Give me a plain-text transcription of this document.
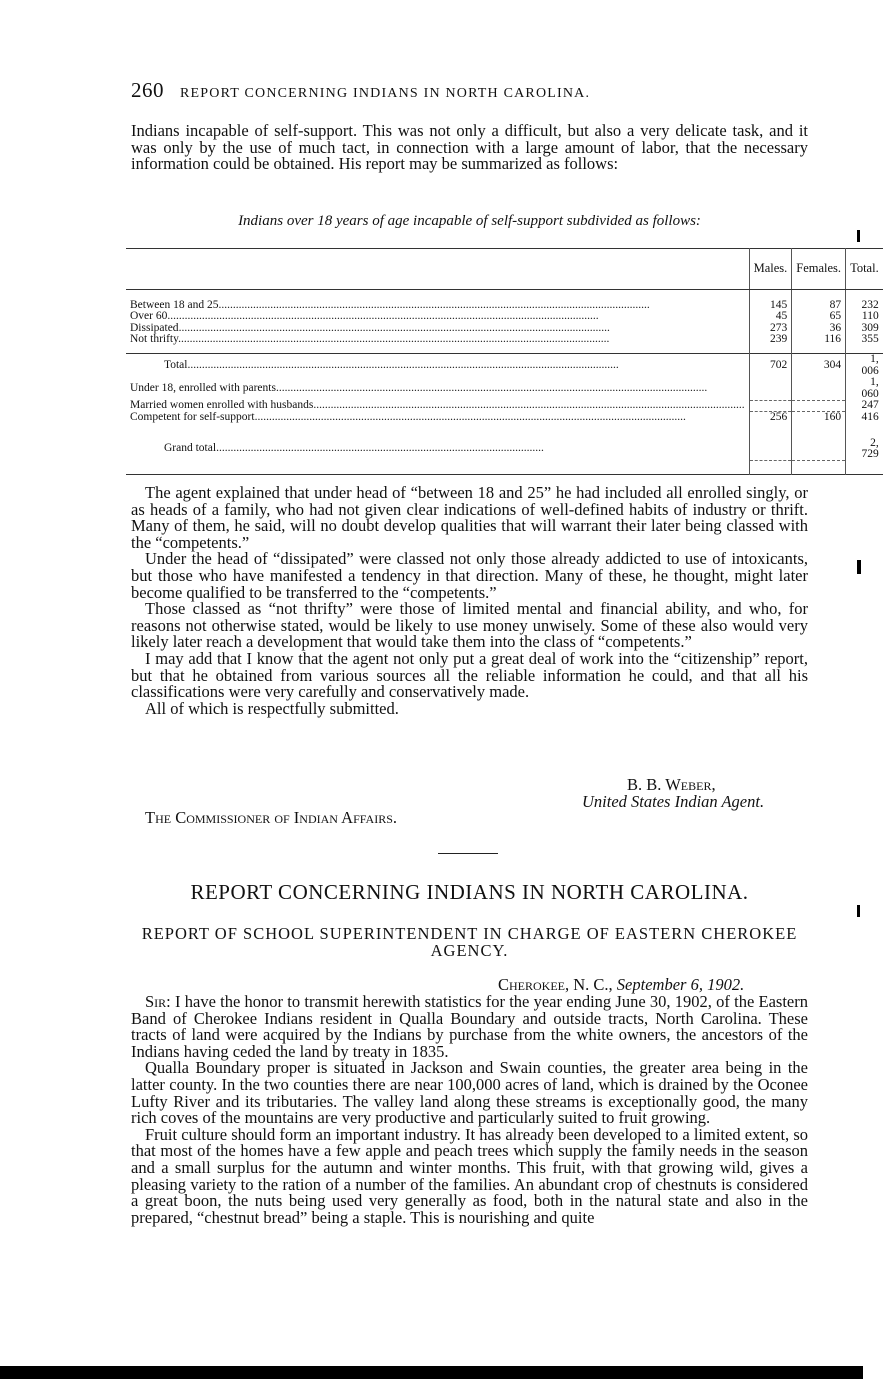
260 REPORT CONCERNING INDIANS IN NORTH CAROLINA.

Indians incapable of self-support. This was not only a difficult, but also a very delicate task, and it was only by the use of much tact, in connection with a large amount of labor, that the necessary information could be obtained. His report may be summarized as follows:

Indians over 18 years of age incapable of self-support subdivided as follows:
	Males.	Females.	Total.

Between 18 and 25......................................................................................................................................................	145	87	232
Over 60......................................................................................................................................................	45	65	110
Dissipated......................................................................................................................................................	273	36	309
Not thrifty......................................................................................................................................................	239	116	355

Total......................................................................................................................................................	702	304	1, 006
Under 18, enrolled with parents......................................................................................................................................................			1, 060
Married women enrolled with husbands......................................................................................................................................................			247
Competent for self-support......................................................................................................................................................	256	160	416

Grand total..................................................................................................................			2, 729

The agent explained that under head of “between 18 and 25” he had included all enrolled singly, or as heads of a family, who had not given clear indications of well-defined habits of industry or thrift. Many of them, he said, will no doubt develop qualities that will warrant their later being classed with the “competents.”

Under the head of “dissipated” were classed not only those already addicted to use of intoxicants, but those who have manifested a tendency in that direction. Many of these, he thought, might later become qualified to be transferred to the “competents.”

Those classed as “not thrifty” were those of limited mental and financial ability, and who, for reasons not otherwise stated, would be likely to use money unwisely. Some of these also would very likely later reach a development that would take them into the class of “competents.”

I may add that I know that the agent not only put a great deal of work into the “citizenship” report, but that he obtained from various sources all the reliable information he could, and that all his classifications were very carefully and conservatively made.

All of which is respectfully submitted.

B. B. Weber,
United States Indian Agent.
The Commissioner of Indian Affairs.
REPORT CONCERNING INDIANS IN NORTH CAROLINA.
REPORT OF SCHOOL SUPERINTENDENT IN CHARGE OF EASTERN CHEROKEE AGENCY.
Cherokee, N. C., September 6, 1902.

Sir: I have the honor to transmit herewith statistics for the year ending June 30, 1902, of the Eastern Band of Cherokee Indians resident in Qualla Boundary and outside tracts, North Carolina. These tracts of land were acquired by the Indians by purchase from the white owners, the ancestors of the Indians having ceded the land by treaty in 1835.

Qualla Boundary proper is situated in Jackson and Swain counties, the greater area being in the latter county. In the two counties there are near 100,000 acres of land, which is drained by the Oconee Lufty River and its tributaries. The valley land along these streams is exceptionally good, the many rich coves of the mountains are very productive and particularly suited to fruit growing.

Fruit culture should form an important industry. It has already been developed to a limited extent, so that most of the homes have a few apple and peach trees which supply the family needs in the season and a small surplus for the autumn and winter months. This fruit, with that growing wild, gives a pleasing variety to the ration of a number of the families. An abundant crop of chestnuts is considered a great boon, the nuts being used very generally as food, both in the natural state and also in the prepared, “chestnut bread” being a staple. This is nourishing and quite
